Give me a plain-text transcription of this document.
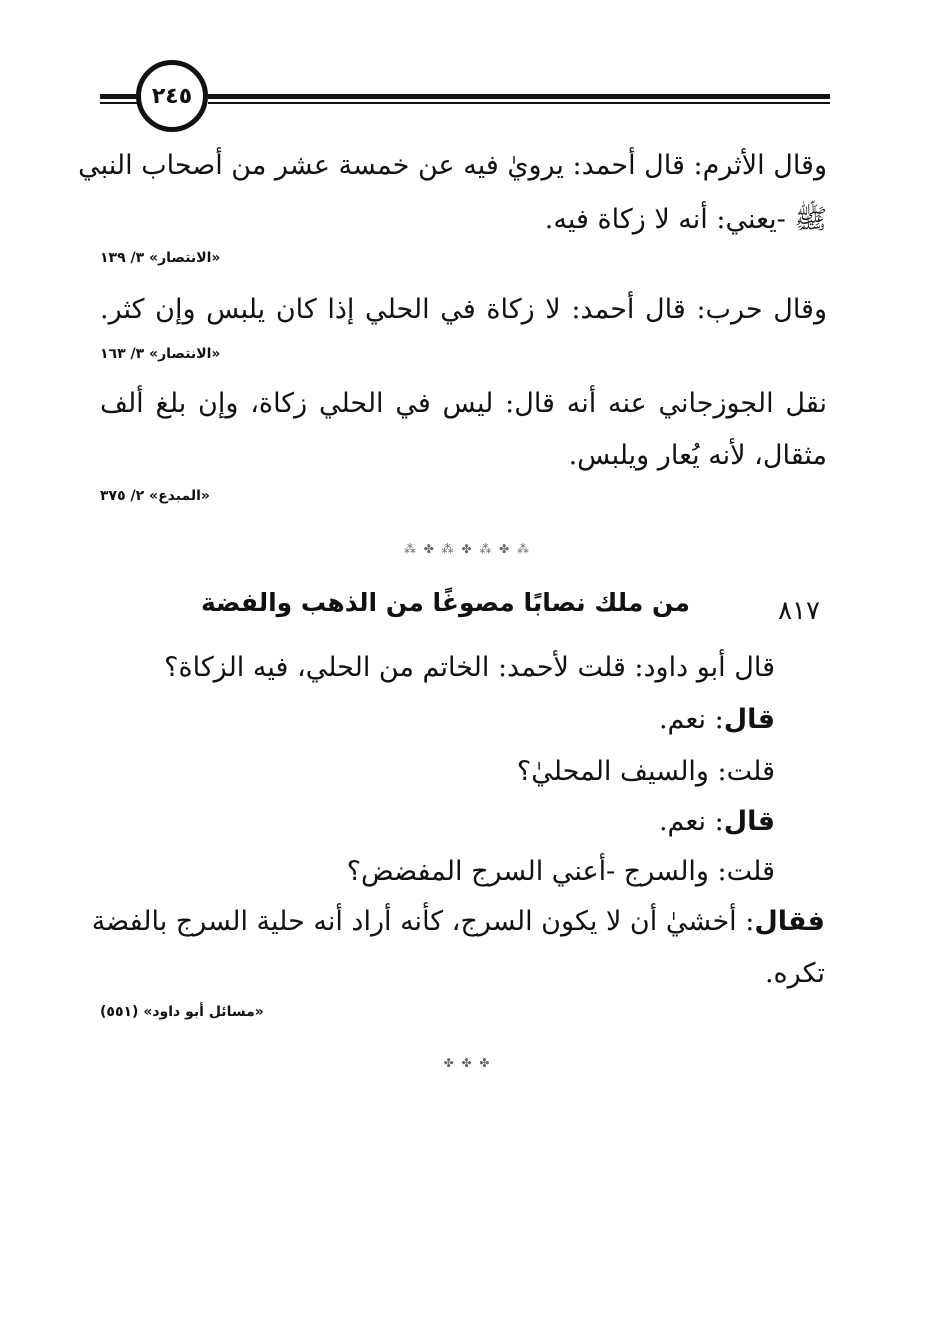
٢٤٥
وقال الأثرم: قال أحمد: يرويٰ فيه عن خمسة عشر من أصحاب النبي
ﷺ -يعني: أنه لا زكاة فيه.
«الانتصار» ٣/ ١٣٩
وقال حرب: قال أحمد: لا زكاة في الحلي إذا كان يلبس وإن كثر.
«الانتصار» ٣/ ١٦٣
نقل الجوزجاني عنه أنه قال: ليس في الحلي زكاة، وإن بلغ ألف
مثقال، لأنه يُعار ويلبس.
«المبدع» ٢/ ٣٧٥
⁂ ✤ ⁂ ✤ ⁂ ✤ ⁂
٨١٧
من ملك نصابًا مصوغًا من الذهب والفضة
قال أبو داود: قلت لأحمد: الخاتم من الحلي، فيه الزكاة؟
قال: نعم.
قلت: والسيف المحليٰ؟
قال: نعم.
قلت: والسرج -أعني السرج المفضض؟
فقال: أخشيٰ أن لا يكون السرج، كأنه أراد أنه حلية السرج بالفضة
تكره.
«مسائل أبو داود» (٥٥١)
✤ ✤ ✤
